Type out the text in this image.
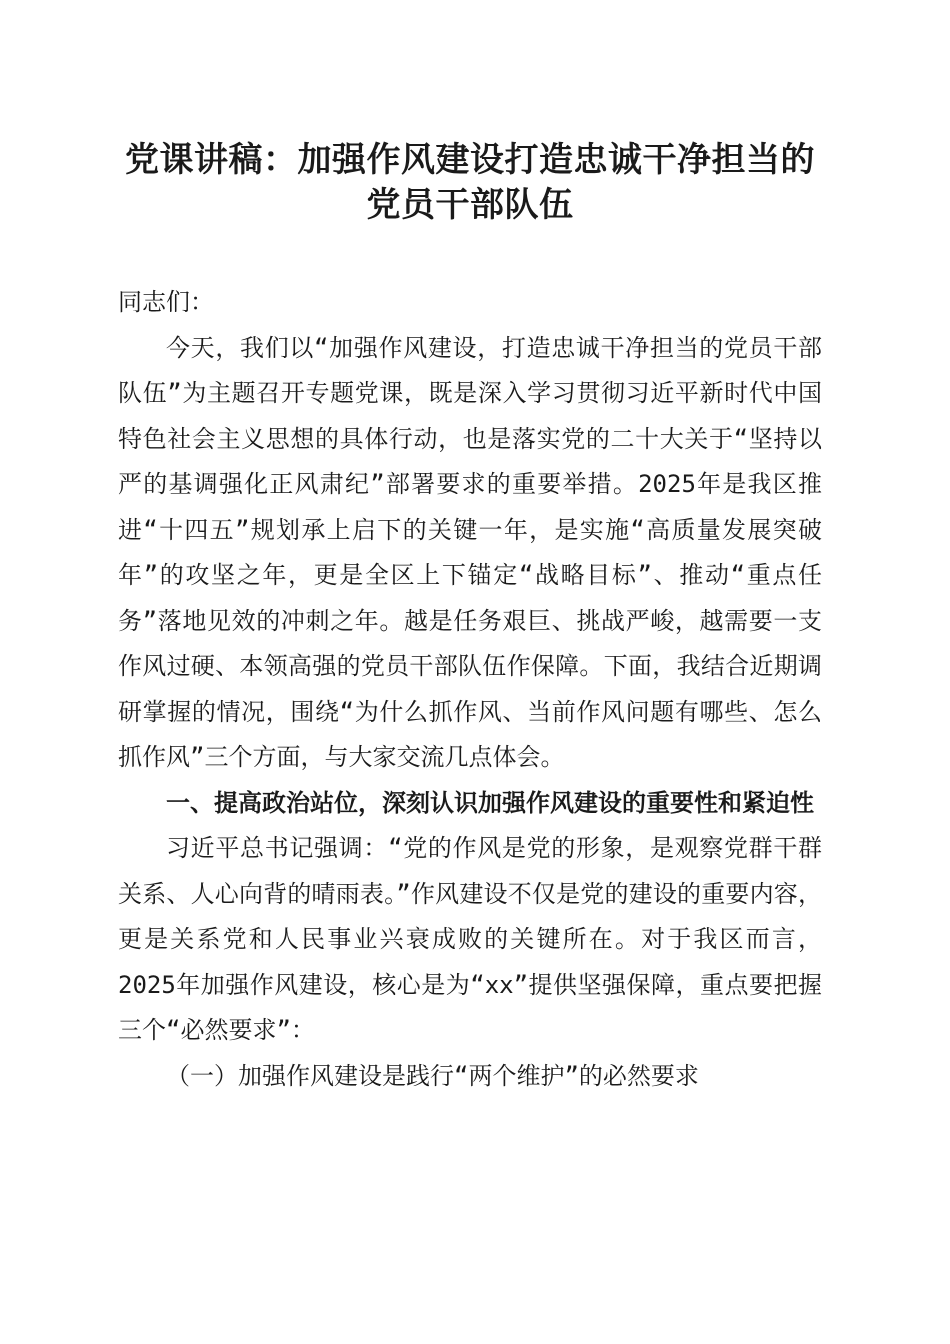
党课讲稿：加强作风建设打造忠诚干净担当的
党员干部队伍

同志们：

今天，我们以“加强作风建设，打造忠诚干净担当的党员干部队伍”为主题召开专题党课，既是深入学习贯彻习近平新时代中国特色社会主义思想的具体行动，也是落实党的二十大关于“坚持以严的基调强化正风肃纪”部署要求的重要举措。2025年是我区推进“十四五”规划承上启下的关键一年，是实施“高质量发展突破年”的攻坚之年，更是全区上下锚定“战略目标”、推动“重点任务”落地见效的冲刺之年。越是任务艰巨、挑战严峻，越需要一支作风过硬、本领高强的党员干部队伍作保障。下面，我结合近期调研掌握的情况，围绕“为什么抓作风、当前作风问题有哪些、怎么抓作风”三个方面，与大家交流几点体会。

一、提高政治站位，深刻认识加强作风建设的重要性和紧迫性

习近平总书记强调：“党的作风是党的形象，是观察党群干群关系、人心向背的晴雨表。”作风建设不仅是党的建设的重要内容，更是关系党和人民事业兴衰成败的关键所在。对于我区而言，2025年加强作风建设，核心是为“xx”提供坚强保障，重点要把握三个“必然要求”：

（一）加强作风建设是践行“两个维护”的必然要求
